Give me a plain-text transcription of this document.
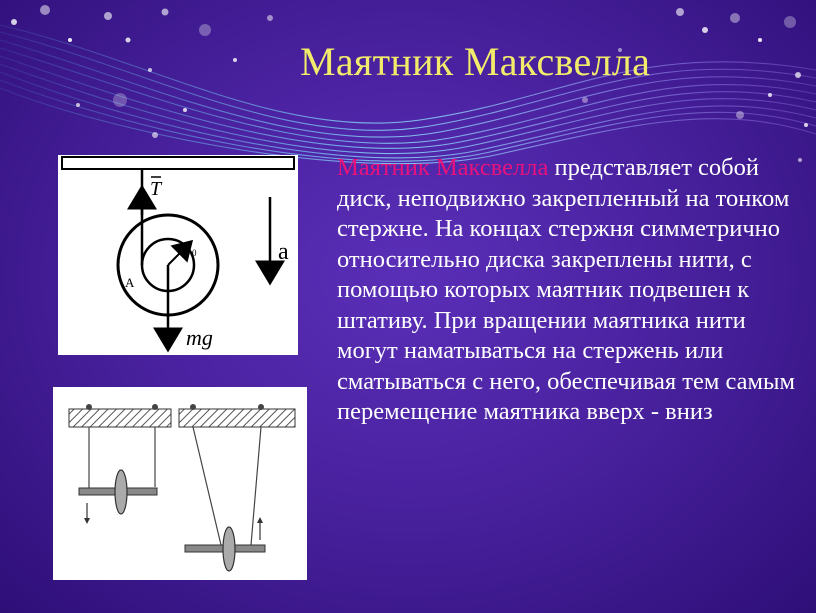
Маятник Максвелла
T
R 0
A
a
mg

Маятник Максвелла представляет собой диск, неподвижно закрепленный на тонком стержне. На концах стержня симметрично относительно диска закреплены нити, с помощью которых маятник подвешен к штативу. При вращении маятника нити могут наматываться на стержень или сматываться с него, обеспечивая тем самым перемещение маятника вверх - вниз
